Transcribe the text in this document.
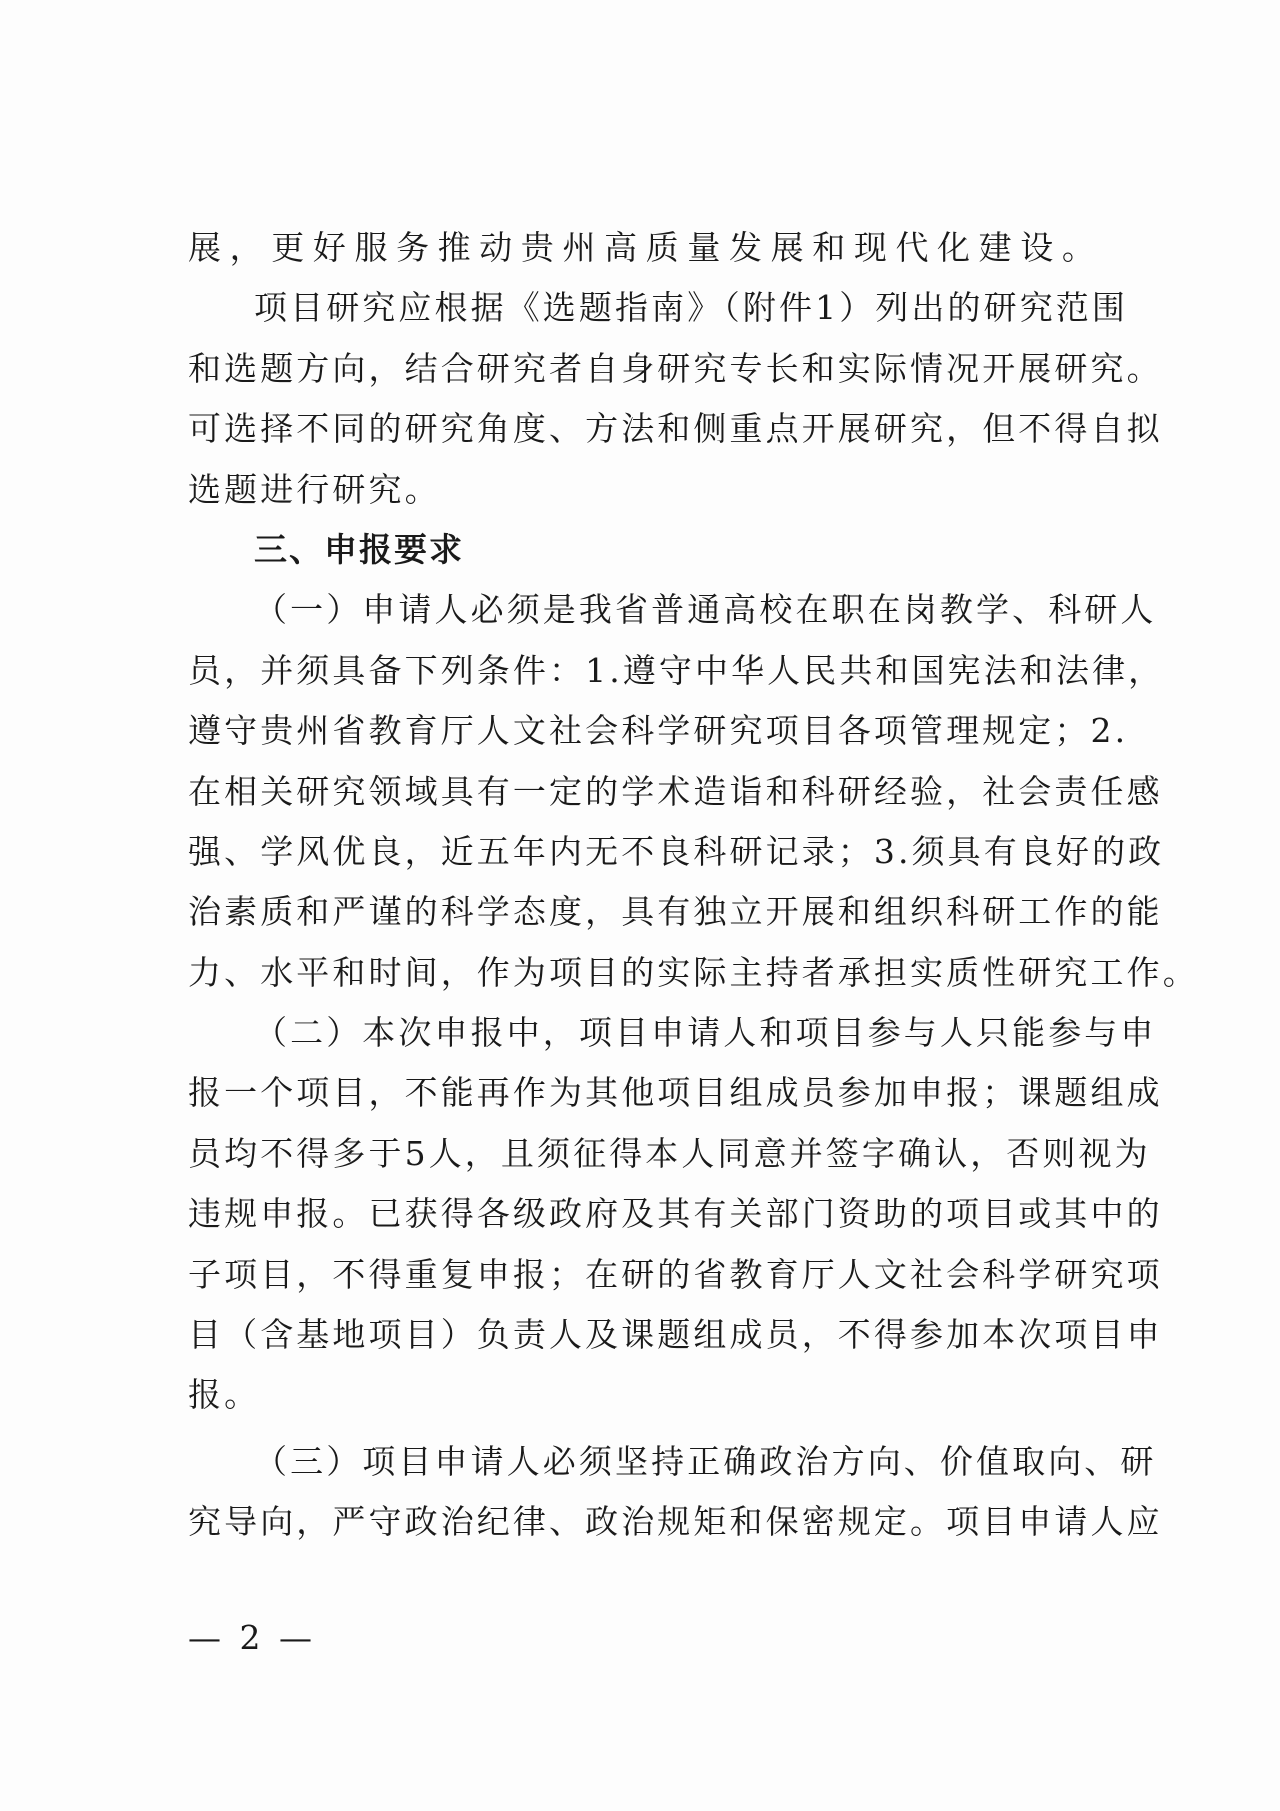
展，更好服务推动贵州高质量发展和现代化建设。
项目研究应根据《选题指南》（附件1）列出的研究范围
和选题方向，结合研究者自身研究专长和实际情况开展研究。
可选择不同的研究角度、方法和侧重点开展研究，但不得自拟
选题进行研究。
三、申报要求
（一）申请人必须是我省普通高校在职在岗教学、科研人
员，并须具备下列条件：1.遵守中华人民共和国宪法和法律，
遵守贵州省教育厅人文社会科学研究项目各项管理规定；2.
在相关研究领域具有一定的学术造诣和科研经验，社会责任感
强、学风优良，近五年内无不良科研记录；3.须具有良好的政
治素质和严谨的科学态度，具有独立开展和组织科研工作的能
力、水平和时间，作为项目的实际主持者承担实质性研究工作。
（二）本次申报中，项目申请人和项目参与人只能参与申
报一个项目，不能再作为其他项目组成员参加申报；课题组成
员均不得多于5人，且须征得本人同意并签字确认，否则视为
违规申报。已获得各级政府及其有关部门资助的项目或其中的
子项目，不得重复申报；在研的省教育厅人文社会科学研究项
目（含基地项目）负责人及课题组成员，不得参加本次项目申
报。
（三）项目申请人必须坚持正确政治方向、价值取向、研
究导向，严守政治纪律、政治规矩和保密规定。项目申请人应
— 2 —
